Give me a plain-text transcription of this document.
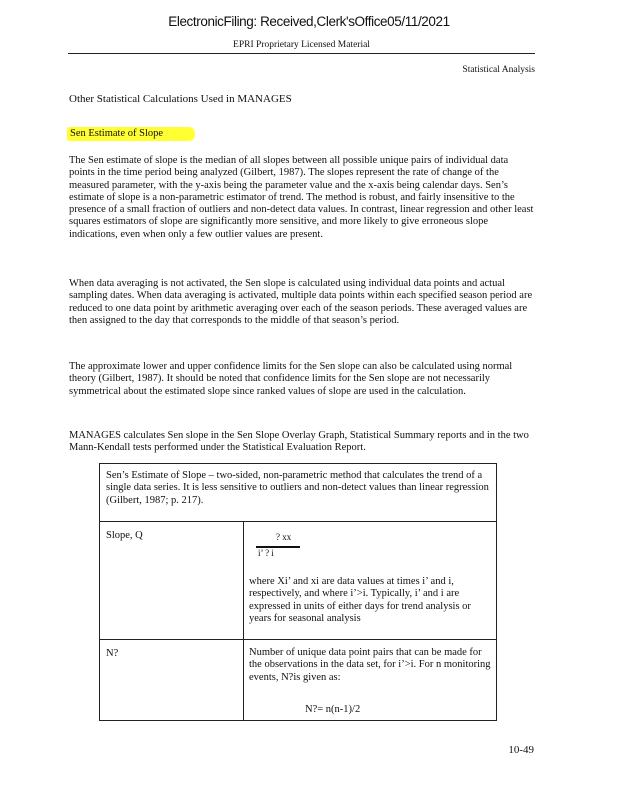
ElectronicFiling: Received,Clerk'sOffice05/11/2021
EPRI Proprietary Licensed Material
Statistical Analysis
Other Statistical Calculations Used in MANAGES
Sen Estimate of Slope
The Sen estimate of slope is the median of all slopes between all possible unique pairs of individual data points in the time period being analyzed (Gilbert, 1987). The slopes represent the rate of change of the measured parameter, with the y-axis being the parameter value and the x-axis being calendar days. Sen’s estimate of slope is a non-parametric estimator of trend. The method is robust, and fairly insensitive to the presence of a small fraction of outliers and non-detect data values. In contrast, linear regression and other least squares estimators of slope are significantly more sensitive, and more likely to give erroneous slope indications, even when only a few outlier values are present.
When data averaging is not activated, the Sen slope is calculated using individual data points and actual sampling dates. When data averaging is activated, multiple data points within each specified season period are reduced to one data point by arithmetic averaging over each of the season periods. These averaged values are then assigned to the day that corresponds to the middle of that season’s period.
The approximate lower and upper confidence limits for the Sen slope can also be calculated using normal theory (Gilbert, 1987). It should be noted that confidence limits for the Sen slope are not necessarily symmetrical about the estimated slope since ranked values of slope are used in the calculation.
MANAGES calculates Sen slope in the Sen Slope Overlay Graph, Statistical Summary reports and in the two Mann-Kendall tests performed under the Statistical Evaluation Report.
Sen’s Estimate of Slope – two-sided, non-parametric method that calculates the trend of a single data series. It is less sensitive to outliers and non-detect values than linear regression (Gilbert, 1987; p. 217).
Slope, Q	? xx
i’ ? i
where Xi’ and xi are data values at times i’ and i, respectively, and where i’>i. Typically, i’ and i are expressed in units of either days for trend analysis or years for seasonal analysis
N?	Number of unique data point pairs that can be made for the observations in the data set, for i’>i. For n monitoring events, N?is given as:
N?= n(n-1)/2
10-49
